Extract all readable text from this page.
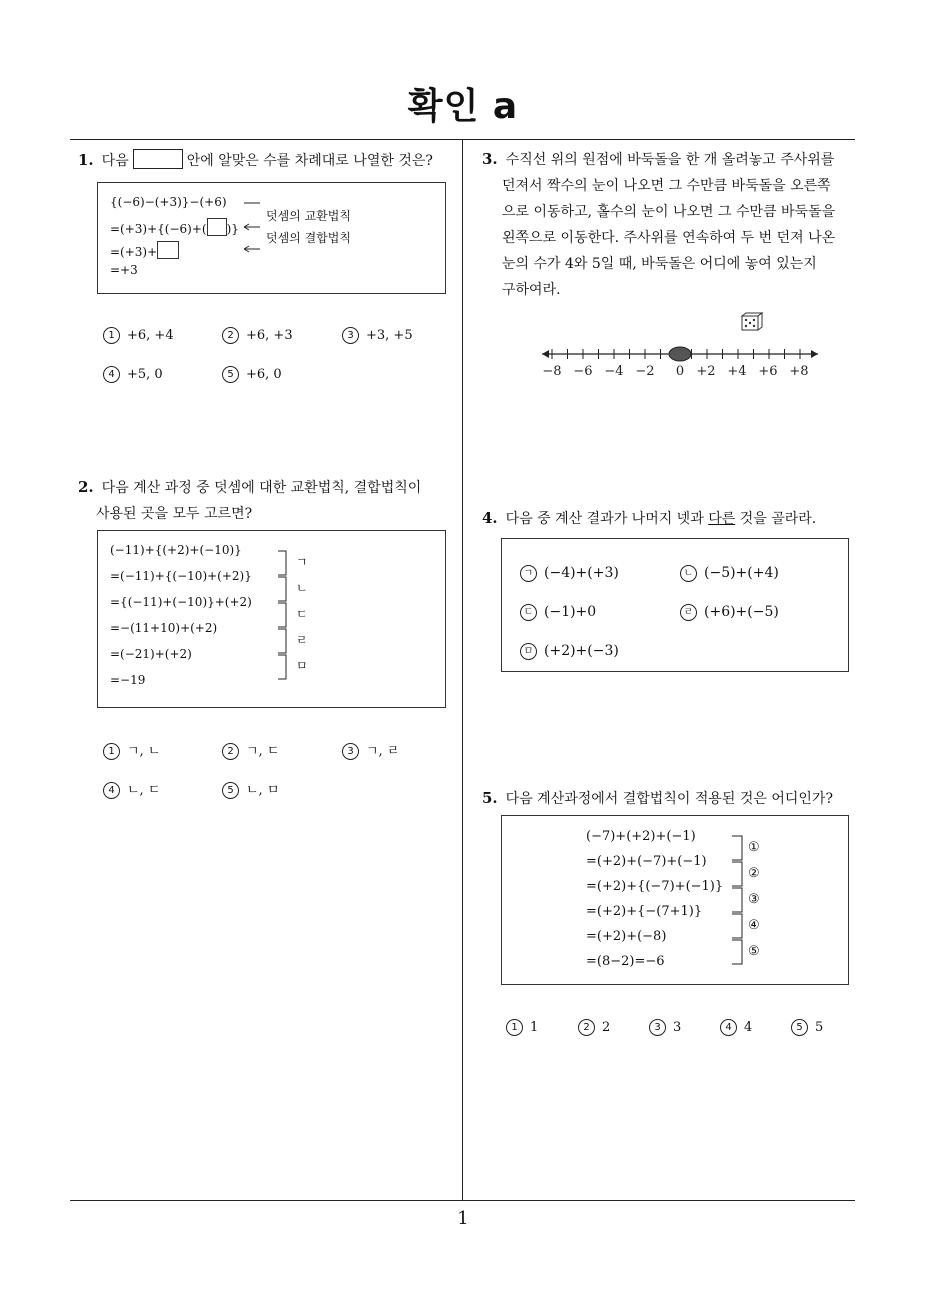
확인 a
1
1. 다음	안에 알맞은 수를 차례대로 나열한 것은?
{(−6)−(+3)}−(+6)
=(+3)+{(−6)+( )}
=(+3)+
=+3
덧셈의 교환법칙
덧셈의 결합법칙
1 +6, +4	2 +6, +3	3 +3, +5
4 +5, 0	5 +6, 0
2. 다음 계산 과정 중 덧셈에 대한 교환법칙, 결합법칙이
사용된 곳을 모두 고르면?
(−11)+{(+2)+(−10)}
=(−11)+{(−10)+(+2)}
={(−11)+(−10)}+(+2)
=−(11+10)+(+2)
=(−21)+(+2)
=−19
ㄱ
ㄴ
ㄷ
ㄹ
ㅁ
1 ㄱ, ㄴ	2 ㄱ, ㄷ	3 ㄱ, ㄹ
4 ㄴ, ㄷ	5 ㄴ, ㅁ
3. 수직선 위의 원점에 바둑돌을 한 개 올려놓고 주사위를
던져서 짝수의 눈이 나오면 그 수만큼 바둑돌을 오른쪽
으로 이동하고, 홀수의 눈이 나오면 그 수만큼 바둑돌을
왼쪽으로 이동한다. 주사위를 연속하여 두 번 던져 나온
눈의 수가 4와 5일 때, 바둑돌은 어디에 놓여 있는지
구하여라.
−8 −6 −4 −2 0 +2 +4 +6 +8
4. 다음 중 계산 결과가 나머지 넷과 다른 것을 골라라.
ㄱ (−4)+(+3)	ㄴ (−5)+(+4)
ㄷ (−1)+0	ㄹ (+6)+(−5)
ㅁ (+2)+(−3)
5. 다음 계산과정에서 결합법칙이 적용된 것은 어디인가?
(−7)+(+2)+(−1)
=(+2)+(−7)+(−1)
=(+2)+{(−7)+(−1)}
=(+2)+{−(7+1)}
=(+2)+(−8)
=(8−2)=−6
①
②
③
④
⑤
1 1	2 2	3 3	4 4	5 5
